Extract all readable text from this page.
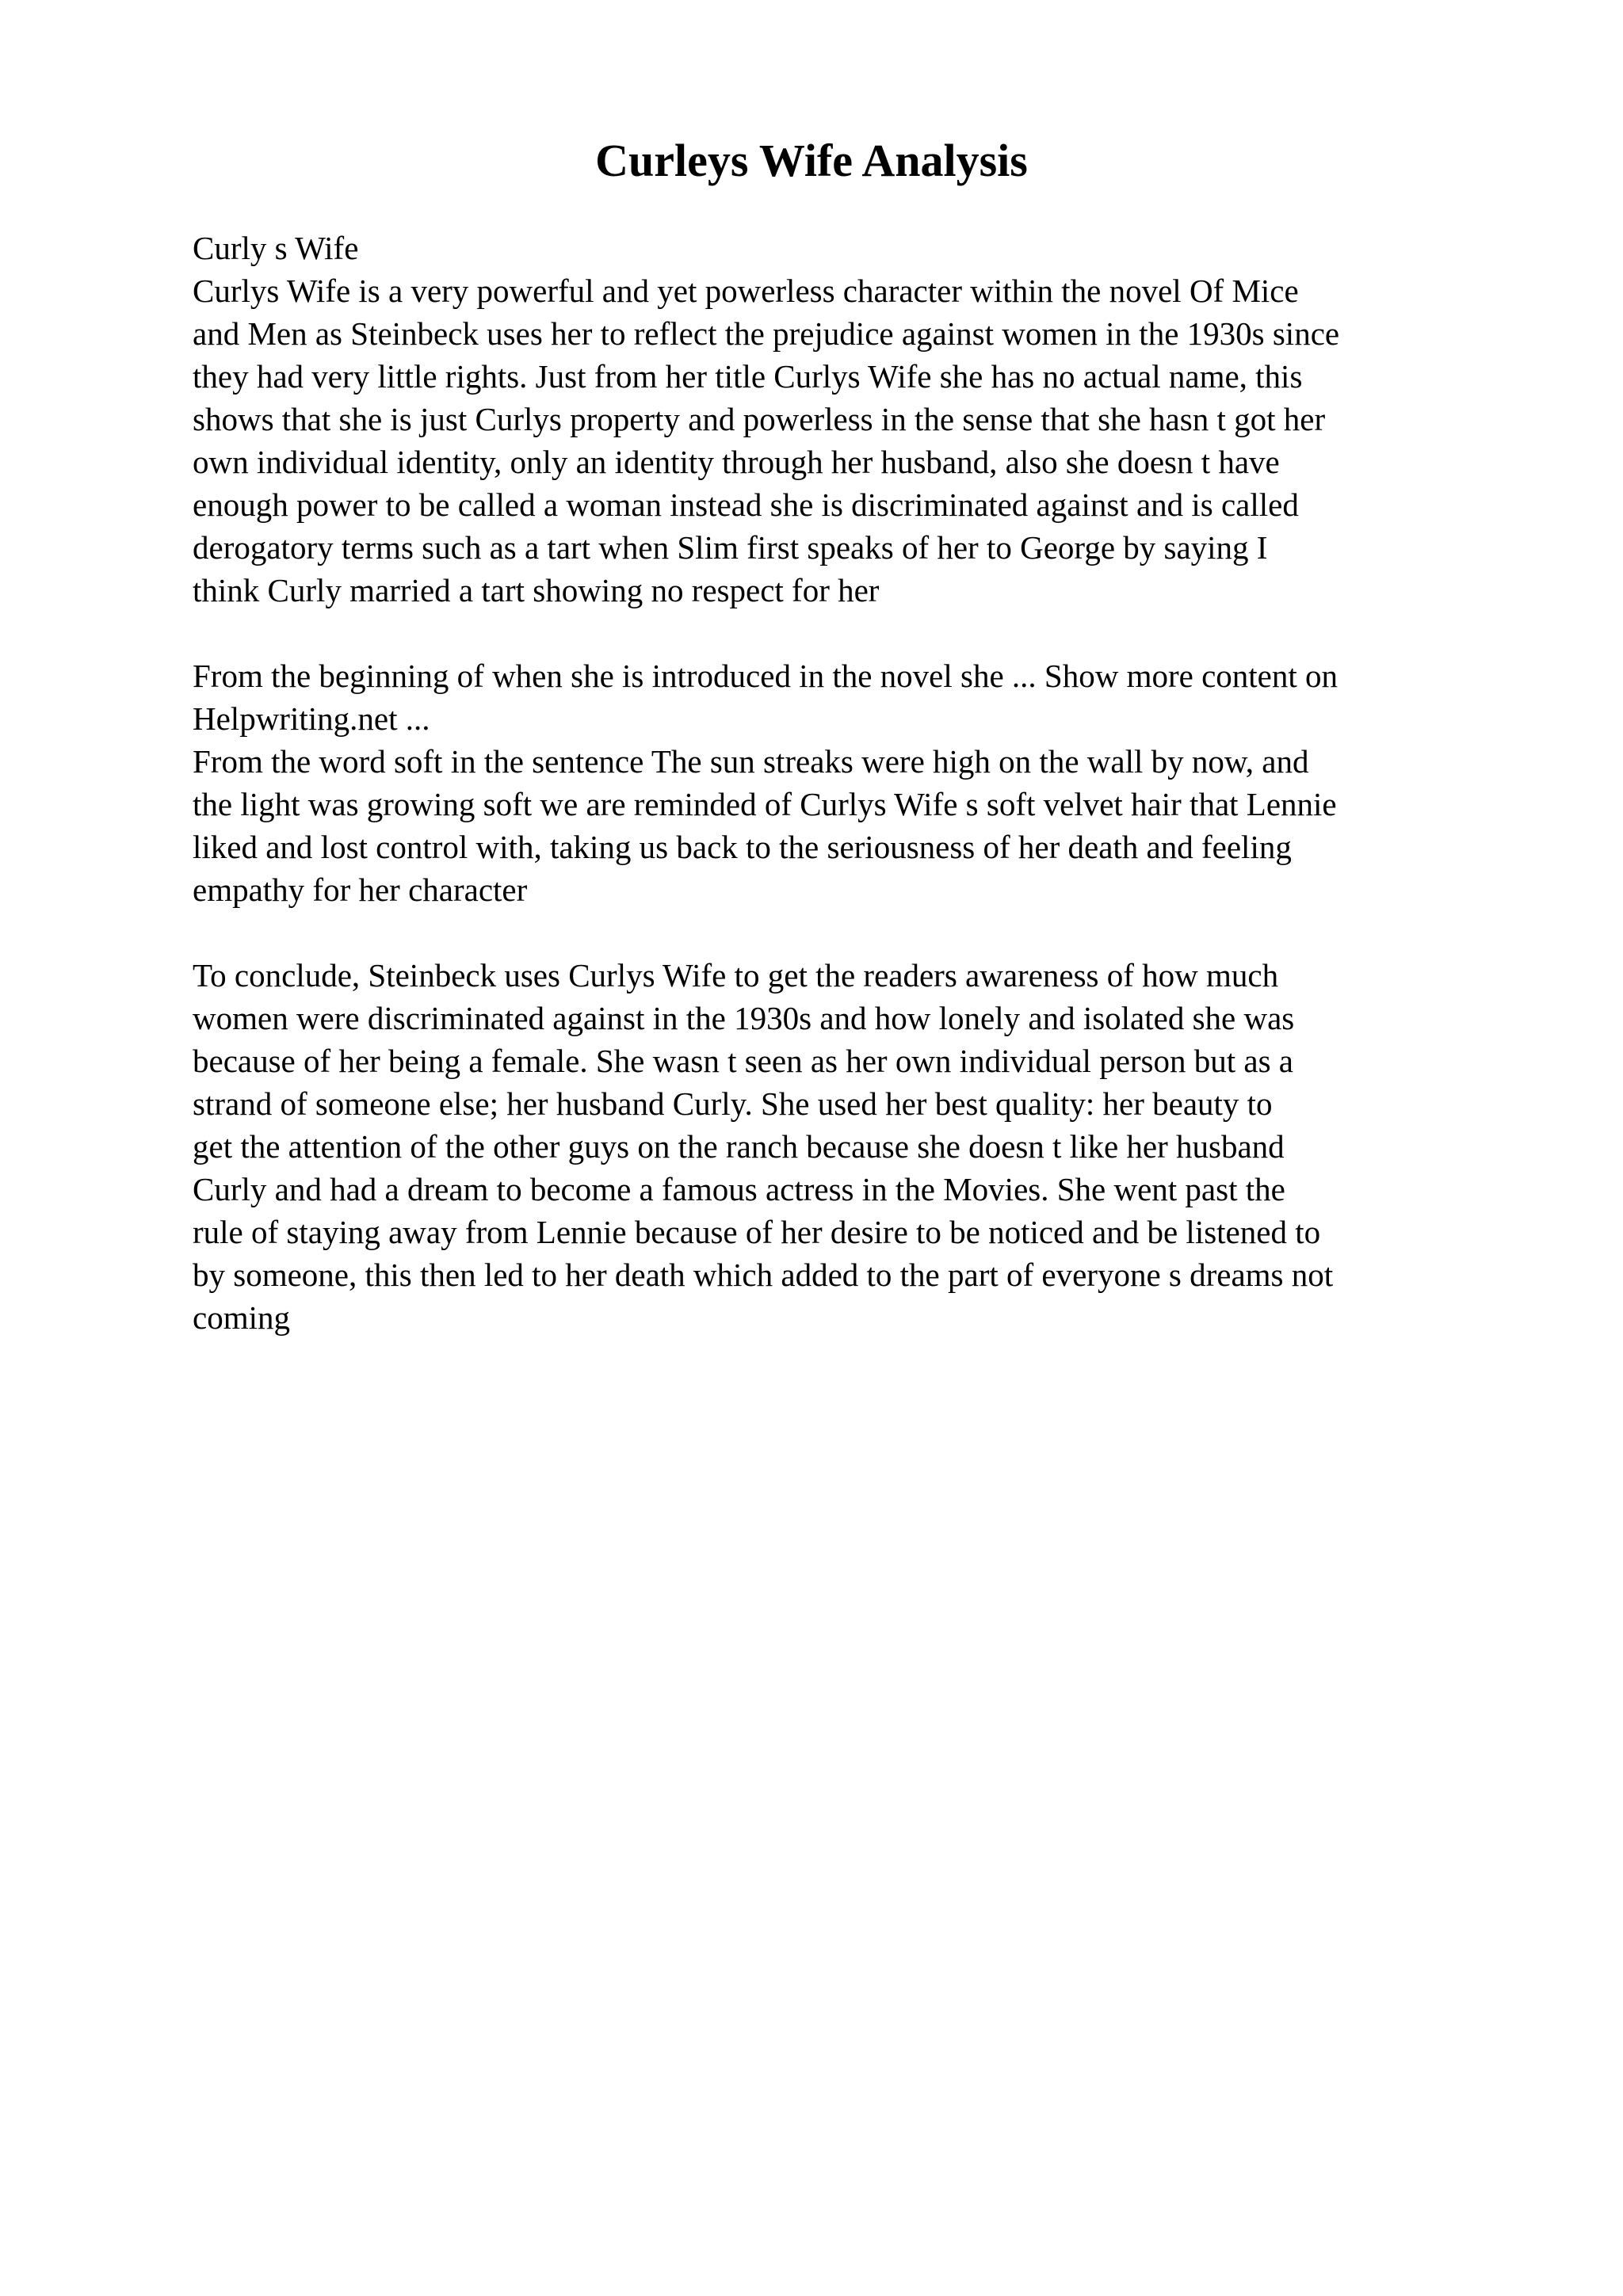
Curleys Wife Analysis
Curly s Wife
Curlys Wife is a very powerful and yet powerless character within the novel Of Mice
and Men as Steinbeck uses her to reflect the prejudice against women in the 1930s since
they had very little rights. Just from her title Curlys Wife she has no actual name, this
shows that she is just Curlys property and powerless in the sense that she hasn t got her
own individual identity, only an identity through her husband, also she doesn t have
enough power to be called a woman instead she is discriminated against and is called
derogatory terms such as a tart when Slim first speaks of her to George by saying I
think Curly married a tart showing no respect for her
From the beginning of when she is introduced in the novel she ... Show more content on
Helpwriting.net ...
From the word soft in the sentence The sun streaks were high on the wall by now, and
the light was growing soft we are reminded of Curlys Wife s soft velvet hair that Lennie
liked and lost control with, taking us back to the seriousness of her death and feeling
empathy for her character
To conclude, Steinbeck uses Curlys Wife to get the readers awareness of how much
women were discriminated against in the 1930s and how lonely and isolated she was
because of her being a female. She wasn t seen as her own individual person but as a
strand of someone else; her husband Curly. She used her best quality: her beauty to
get the attention of the other guys on the ranch because she doesn t like her husband
Curly and had a dream to become a famous actress in the Movies. She went past the
rule of staying away from Lennie because of her desire to be noticed and be listened to
by someone, this then led to her death which added to the part of everyone s dreams not
coming
